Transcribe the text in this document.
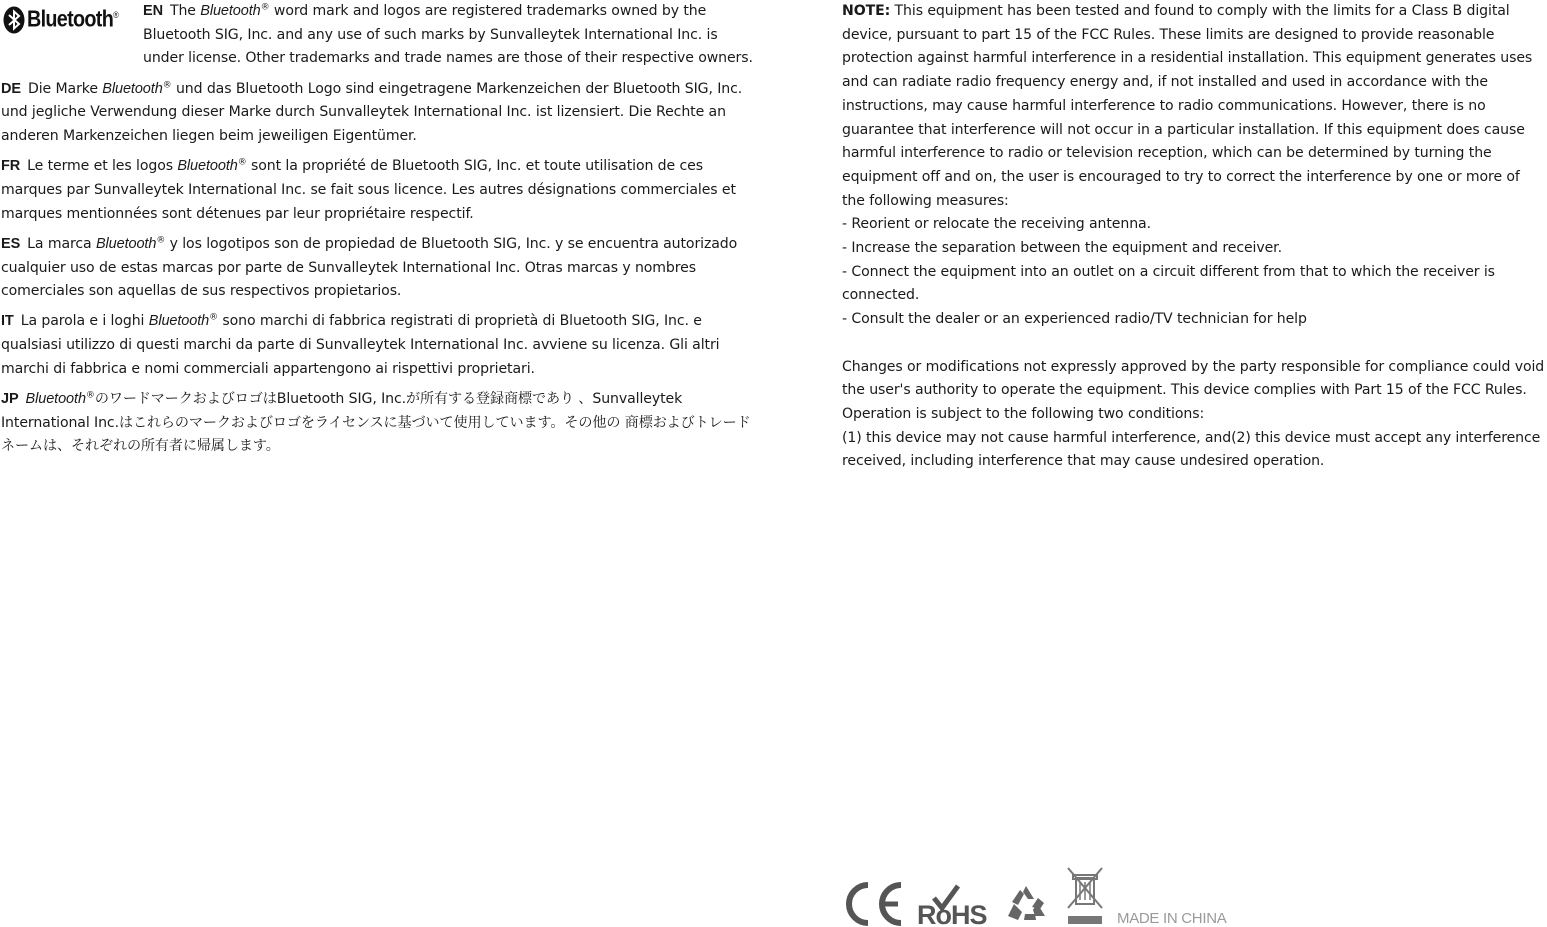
Bluetooth® EN The Bluetooth® word mark and logos are registered trademarks owned by the Bluetooth SIG, Inc. and any use of such marks by Sunvalleytek International Inc. is under license. Other trademarks and trade names are those of their respective owners.

DE Die Marke Bluetooth® und das Bluetooth Logo sind eingetragene Markenzeichen der Bluetooth SIG, Inc. und jegliche Verwendung dieser Marke durch Sunvalleytek International Inc. ist lizensiert. Die Rechte an anderen Markenzeichen liegen beim jeweiligen Eigentümer.

FR Le terme et les logos Bluetooth® sont la propriété de Bluetooth SIG, Inc. et toute utilisation de ces marques par Sunvalleytek International Inc. se fait sous licence. Les autres désignations commerciales et marques mentionnées sont détenues par leur propriétaire respectif.

ES La marca Bluetooth® y los logotipos son de propiedad de Bluetooth SIG, Inc. y se encuentra autorizado cualquier uso de estas marcas por parte de Sunvalleytek International Inc. Otras marcas y nombres comerciales son aquellas de sus respectivos propietarios.

IT La parola e i loghi Bluetooth® sono marchi di fabbrica registrati di proprietà di Bluetooth SIG, Inc. e qualsiasi utilizzo di questi marchi da parte di Sunvalleytek International Inc. avviene su licenza. Gli altri marchi di fabbrica e nomi commerciali appartengono ai rispettivi proprietari.

JP Bluetooth®のワードマークおよびロゴはBluetooth SIG, Inc.が所有する登録商標であり 、Sunvalleytek International Inc.はこれらのマークおよびロゴをライセンスに基づいて使用しています。その他の 商標およびトレードネームは、それぞれの所有者に帰属します。

NOTE: This equipment has been tested and found to comply with the limits for a Class B digital device, pursuant to part 15 of the FCC Rules. These limits are designed to provide reasonable protection against harmful interference in a residential installation. This equipment generates uses and can radiate radio frequency energy and, if not installed and used in accordance with the instructions, may cause harmful interference to radio communications. However, there is no guarantee that interference will not occur in a particular installation. If this equipment does cause harmful interference to radio or television reception, which can be determined by turning the equipment off and on, the user is encouraged to try to correct the interference by one or more of the following measures:

- Reorient or relocate the receiving antenna.

- Increase the separation between the equipment and receiver.

- Connect the equipment into an outlet on a circuit different from that to which the receiver is connected.

- Consult the dealer or an experienced radio/TV technician for help

Changes or modifications not expressly approved by the party responsible for compliance could void the user's authority to operate the equipment. This device complies with Part 15 of the FCC Rules. Operation is subject to the following two conditions:

(1) this device may not cause harmful interference, and(2) this device must accept any interference received, including interference that may cause undesired operation.

RoHS	MADE IN CHINA
